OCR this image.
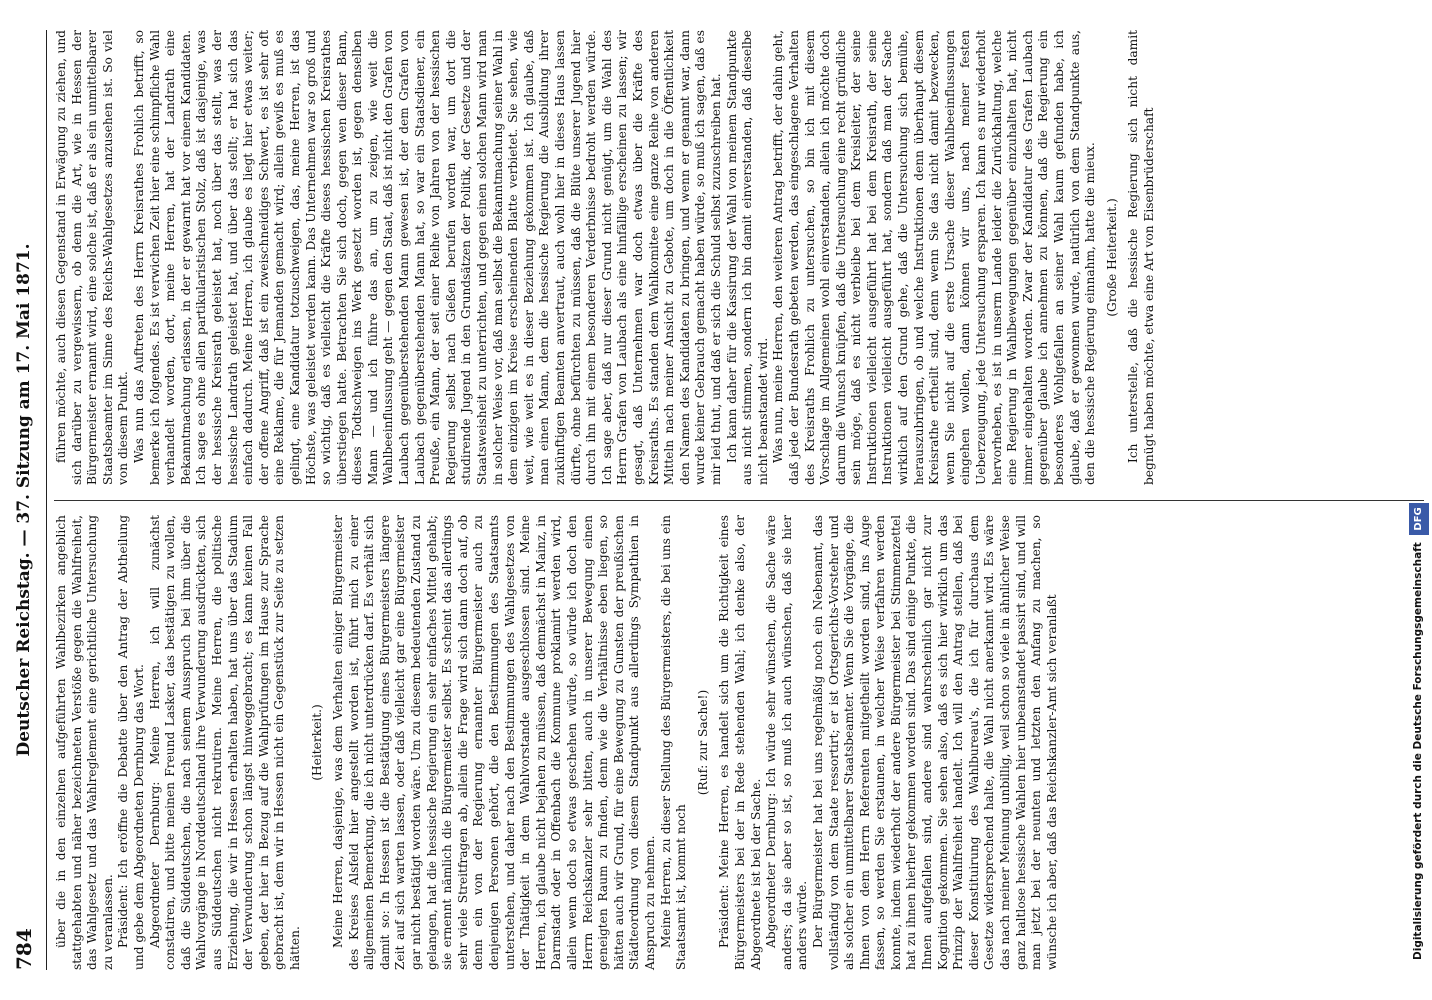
784
Deutscher Reichstag. — 37. Sitzung am 17. Mai 1871. über die in den einzelnen aufgeführten Wahlbezirken angeblich stattgehabten und näher bezeichneten Verstöße gegen die Wahlfreiheit, das Wahlgesetz und das Wahlreglement eine gerichtliche Untersuchung zu veranlassen. Präsident: Ich eröffne die Debatte über den Antrag der Abtheilung und gebe dem Abgeordneten Dernburg das Wort. Abgeordneter Dernburg: Meine Herren, ich will zunächst constatiren, und bitte meinen Freund Lasker, das bestätigen zu wollen, daß die Süddeutschen, die nach seinem Ausspruch bei ihm über die Wahlvorgänge in Norddeutschland ihre Verwunderung ausdrückten, sich aus Süddeutschen nicht rekrutiren. Meine Herren, die politische Erziehung, die wir in Hessen erhalten haben, hat uns über das Stadium der Verwunderung schon längst hinweggebracht; es kann keinen Fall geben, der hier in Bezug auf die Wahlprüfungen im Hause zur Sprache gebracht ist, dem wir in Hessen nicht ein Gegenstück zur Seite zu setzen hätten.

(Heiterkeit.) Meine Herren, dasjenige, was dem Verhalten einiger Bürgermeister des Kreises Alsfeld hier angestellt worden ist, führt mich zu einer allgemeinen Bemerkung, die ich nicht unterdrücken darf. Es verhält sich damit so: In Hessen ist die Bestätigung eines Bürgermeisters längere Zeit auf sich warten lassen, oder daß vielleicht gar eine Bürgermeister gar nicht bestätigt worden wäre. Um zu diesem bedeutenden Zustand zu gelangen, hat die hessische Regierung ein sehr einfaches Mittel gehabt; sie ernennt nämlich die Bürgermeister selbst. Es scheint das allerdings sehr viele Streitfragen ab, allein die Frage wird sich dann doch auf, ob denn ein von der Regierung ernannter Bürgermeister auch zu denjenigen Personen gehört, die den Bestimmungen des Staatsamts unterstehen, und daher nach den Bestimmungen des Wahlgesetzes von der Thätigkeit in dem Wahlvorstande ausgeschlossen sind. Meine Herren, ich glaube nicht bejahen zu müssen, daß demnächst in Mainz, in Darmstadt oder in Offenbach die Kommune proklamirt werden wird, allein wenn doch so etwas geschehen würde, so würde ich doch den Herrn Reichskanzler sehr bitten, auch in unserer Bewegung einen geneigten Raum zu finden, denn wie die Verhältnisse eben liegen, so hätten auch wir Grund, für eine Bewegung zu Gunsten der preußischen Städteordnung von diesem Standpunkt aus allerdings Sympathien in Anspruch zu nehmen. Meine Herren, zu dieser Stellung des Bürgermeisters, die bei uns ein Staatsamt ist, kommt noch

(Ruf: zur Sache!) Präsident: Meine Herren, es handelt sich um die Richtigkeit eines Bürgermeisters bei der in Rede stehenden Wahl; ich denke also, der Abgeordnete ist bei der Sache. Abgeordneter Dernburg: Ich würde sehr wünschen, die Sache wäre anders; da sie aber so ist, so muß ich auch wünschen, daß sie hier anders würde. Der Bürgermeister hat bei uns regelmäßig noch ein Nebenamt, das vollständig von dem Staate ressortirt; er ist Ortsgerichts-Vorsteher und als solcher ein unmittelbarer Staatsbeamter. Wenn Sie die Vorgänge, die Ihnen von dem Herrn Referenten mitgetheilt worden sind, ins Auge fassen, so werden Sie erstaunen, in welcher Weise verfahren werden konnte, indem wiederholt der andere Bürgermeister bei Stimmenzettel hat zu ihnen hierher gekommen worden sind. Das sind einige Punkte, die Ihnen aufgefallen sind, andere sind wahrscheinlich gar nicht zur Kognition gekommen. Sie sehen also, daß es sich hier wirklich um das Prinzip der Wahlfreiheit handelt. Ich will den Antrag stellen, daß bei dieser Konstituirung des Wahlbureau's, die ich für durchaus dem Gesetze widersprechend halte, die Wahl nicht anerkannt wird. Es wäre das nach meiner Meinung unbillig, weil schon so viele in ähnlicher Weise ganz haltlose hessische Wahlen hier unbeanstandet passirt sind, und will man jetzt bei der neunten und letzten den Anfang zu machen, so wünsche ich aber, daß das Reichskanzler-Amt sich veranlaßt

führen möchte, auch diesen Gegenstand in Erwägung zu ziehen, und sich darüber zu vergewissern, ob denn die Art, wie in Hessen der Bürgermeister ernannt wird, eine solche ist, daß er als ein unmittelbarer Staatsbeamter im Sinne des Reichs-Wahlgesetzes anzusehen ist. So viel von diesem Punkt. Was nun das Auftreten des Herrn Kreisrathes Frohlich betrifft, so bemerke ich folgendes. Es ist verwichen Zeit hier eine schimpfliche Wahl verhandelt worden, dort, meine Herren, hat der Landrath eine Bekanntmachung erlassen, in der er gewarnt hat vor einem Kandidaten. Ich sage es ohne allen partikularistischen Stolz, daß ist dasjenige, was der hessische Kreisrath geleistet hat, noch über das stellt, was der hessische Landrath geleistet hat, und über das stellt; er hat sich das einfach dadurch. Meine Herren, ich glaube es liegt hier etwas weiter; der offene Angriff, daß ist ein zweischneidiges Schwert, es ist sehr oft eine Reklame, die für Jemanden gemacht wird; allein gewiß es muß es gelingt, eine Kandidatur totzuschweigen, das, meine Herren, ist das Höchste, was geleistet werden kann. Das Unternehmen war so groß und so wichtig, daß es vielleicht die Kräfte dieses hessischen Kreisrathes überstiegen hatte. Betrachten Sie sich doch, gegen wen dieser Bann, dieses Todtschweigen ins Werk gesetzt worden ist, gegen denselben Mann — und ich führe das an, um zu zeigen, wie weit die Wahlbeeinflussung geht — gegen den Staat, daß ist nicht den Grafen von Laubach gegenüberstehenden Mann gewesen ist, der dem Grafen von Laubach gegenüberstehenden Mann hat, so war ein Staatsdiener, ein Preuße, ein Mann, der seit einer Reihe von Jahren von der hessischen Regierung selbst nach Gießen berufen worden war, um dort die studirende Jugend in den Grundsätzen der Politik, der Gesetze und der Staatsweisheit zu unterrichten, und gegen einen solchen Mann wird man in solcher Weise vor, daß man selbst die Bekanntmachung seiner Wahl in dem einzigen im Kreise erscheinenden Blatte verbietet. Sie sehen, wie weit, wie weit es in dieser Beziehung gekommen ist. Ich glaube, daß man einen Mann, dem die hessische Regierung die Ausbildung ihrer zukünftigen Beamten anvertraut, auch wohl hier in dieses Haus lassen dürfte, ohne befürchten zu müssen, daß die Blüte unserer Jugend hier durch ihn mit einem besonderen Verderbnisse bedroht werden würde. Ich sage aber, daß nur dieser Grund nicht genügt, um die Wahl des Herrn Grafen von Laubach als eine hinfällige erscheinen zu lassen; wir gesagt, daß Unternehmen war doch etwas über die Kräfte des Kreisraths. Es standen dem Wahlkomitee eine ganze Reihe von anderen Mitteln nach meiner Ansicht zu Gebote, um doch in die Öffentlichkeit den Namen des Kandidaten zu bringen, und wenn er genannt war, dann wurde keiner Gebrauch gemacht haben würde, so muß ich sagen, daß es mir leid thut, und daß er sich die Schuld selbst zuzuschreiben hat. Ich kann daher für die Kassirung der Wahl von meinem Standpunkte aus nicht stimmen, sondern ich bin damit einverstanden, daß dieselbe nicht beanstandet wird. Was nun, meine Herren, den weiteren Antrag betrifft, der dahin geht, daß jede der Bundesrath gebeten werden, das eingeschlagene Verhalten des Kreisraths Frohlich zu untersuchen, so bin ich mit diesem Vorschlage im Allgemeinen wohl einverstanden, allein ich möchte doch darum die Wunsch knüpfen, daß die Untersuchung eine recht gründliche sein möge, daß es nicht verbleibe bei dem Kreisleiter, der seine Instruktionen vielleicht ausgeführt hat bei dem Kreisrath, der seine Instruktionen vielleicht ausgeführt hat, sondern daß man der Sache wirklich auf den Grund gehe, daß die Untersuchung sich bemühe, herauszubringen, ob und welche Instruktionen denn überhaupt diesem Kreisrathe ertheilt sind, denn wenn Sie das nicht damit bezwecken, wenn Sie nicht auf die erste Ursache dieser Wahlbeeinflussungen eingehen wollen, dann können wir uns, nach meiner festen Ueberzeugung, jede Untersuchung ersparen. Ich kann es nur wiederholt hervorheben, es ist in unserm Lande leider die Zurückhaltung, welche eine Regierung in Wahlbewegungen gegenüber einzuhalten hat, nicht immer eingehalten worden. Zwar der Kandidatur des Grafen Laubach gegenüber glaube ich annehmen zu können, daß die Regierung ein besonderes Wohlgefallen an seiner Wahl kaum gefunden habe, ich glaube, daß er gewonnen wurde, natürlich von dem Standpunkte aus, den die hessische Regierung einnahm, hatte die mieux. (Große Heiterkeit.) Ich unterstelle, daß die hessische Regierung sich nicht damit begnügt haben möchte, etwa eine Art von Eisenbrüderschaft

Digitalisierung gefördert durch die Deutsche Forschungsgemeinschaft DFG
